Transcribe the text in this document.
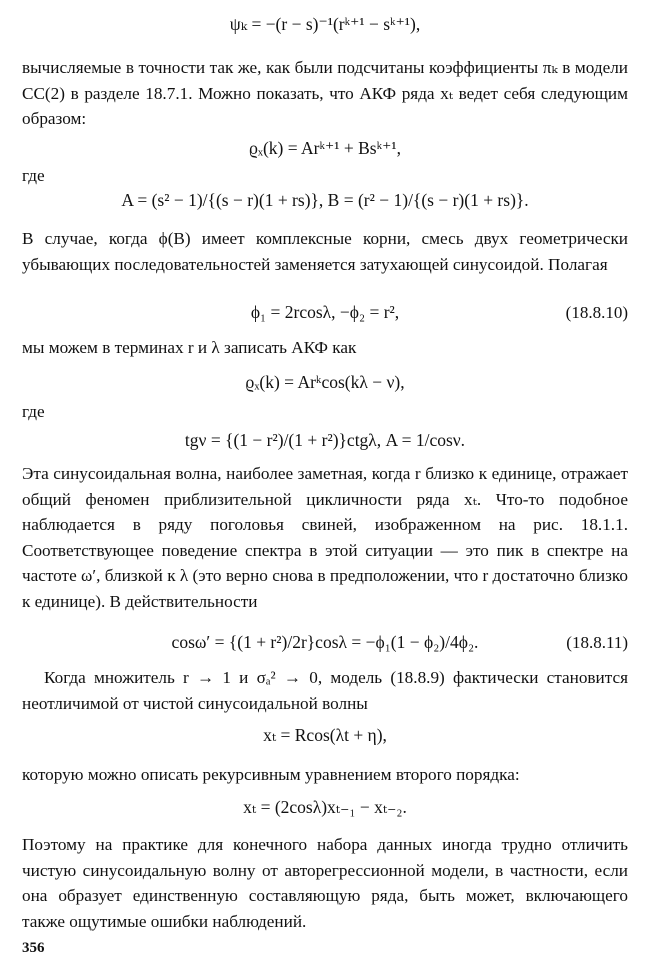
ψₖ = −(r − s)⁻¹(rᵏ⁺¹ − sᵏ⁺¹),

вычисляемые в точности так же, как были подсчитаны коэффициенты πₖ в модели СС(2) в разделе 18.7.1. Можно показать, что АКФ ряда xₜ ведет себя следующим образом:

ϱₓ(k) = Arᵏ⁺¹ + Bsᵏ⁺¹,
где
A = (s² − 1)/{(s − r)(1 + rs)}, B = (r² − 1)/{(s − r)(1 + rs)}.

В случае, когда ϕ(B) имеет комплексные корни, смесь двух геометрически убывающих последовательностей заменяется затухающей синусоидой. Полагая

ϕ₁ = 2rcosλ, −ϕ₂ = r²,	(18.8.10)

мы можем в терминах r и λ записать АКФ как

ϱₓ(k) = Arᵏcos(kλ − ν),
где
tgν = {(1 − r²)/(1 + r²)}ctgλ, A = 1/cosν.

Эта синусоидальная волна, наиболее заметная, когда r близко к единице, отражает общий феномен приблизительной цикличности ряда xₜ. Что-то подобное наблюдается в ряду поголовья свиней, изображенном на рис. 18.1.1. Соответствующее поведение спектра в этой ситуации — это пик в спектре на частоте ω′, близкой к λ (это верно снова в предположении, что r достаточно близко к единице). В действительности

cosω′ = {(1 + r²)/2r}cosλ = −ϕ₁(1 − ϕ₂)/4ϕ₂.	(18.8.11)

Когда множитель r → 1 и σₐ² → 0, модель (18.8.9) фактически становится неотличимой от чистой синусоидальной волны

xₜ = Rcos(λt + η),

которую можно описать рекурсивным уравнением второго порядка:

xₜ = (2cosλ)xₜ₋₁ − xₜ₋₂.

Поэтому на практике для конечного набора данных иногда трудно отличить чистую синусоидальную волну от авторегрессионной модели, в частности, если она образует единственную составляющую ряда, быть может, включающего также ощутимые ошибки наблюдений.

356
